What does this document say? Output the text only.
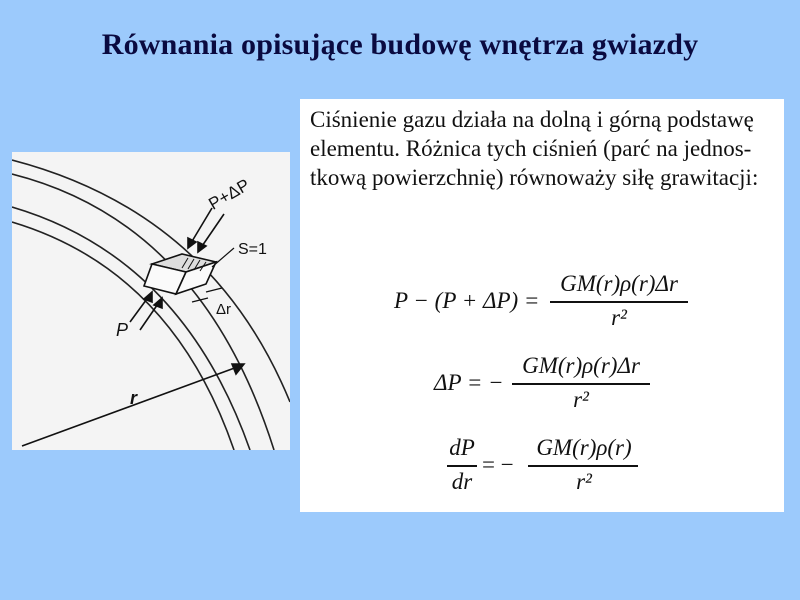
Równania opisujące budowę wnętrza gwiazdy
P+ΔP
S=1
P
Δr
r
Ciśnienie gazu działa na dolną i górną podstawę
elementu. Różnica tych ciśnień (parć na jednos-
tkową powierzchnię) równoważy siłę grawitacji:
P − (P + ΔP) =
GM(r)ρ(r)Δr
r²
ΔP = −
GM(r)ρ(r)Δr
r²
dP
dr
= −
GM(r)ρ(r)
r²
